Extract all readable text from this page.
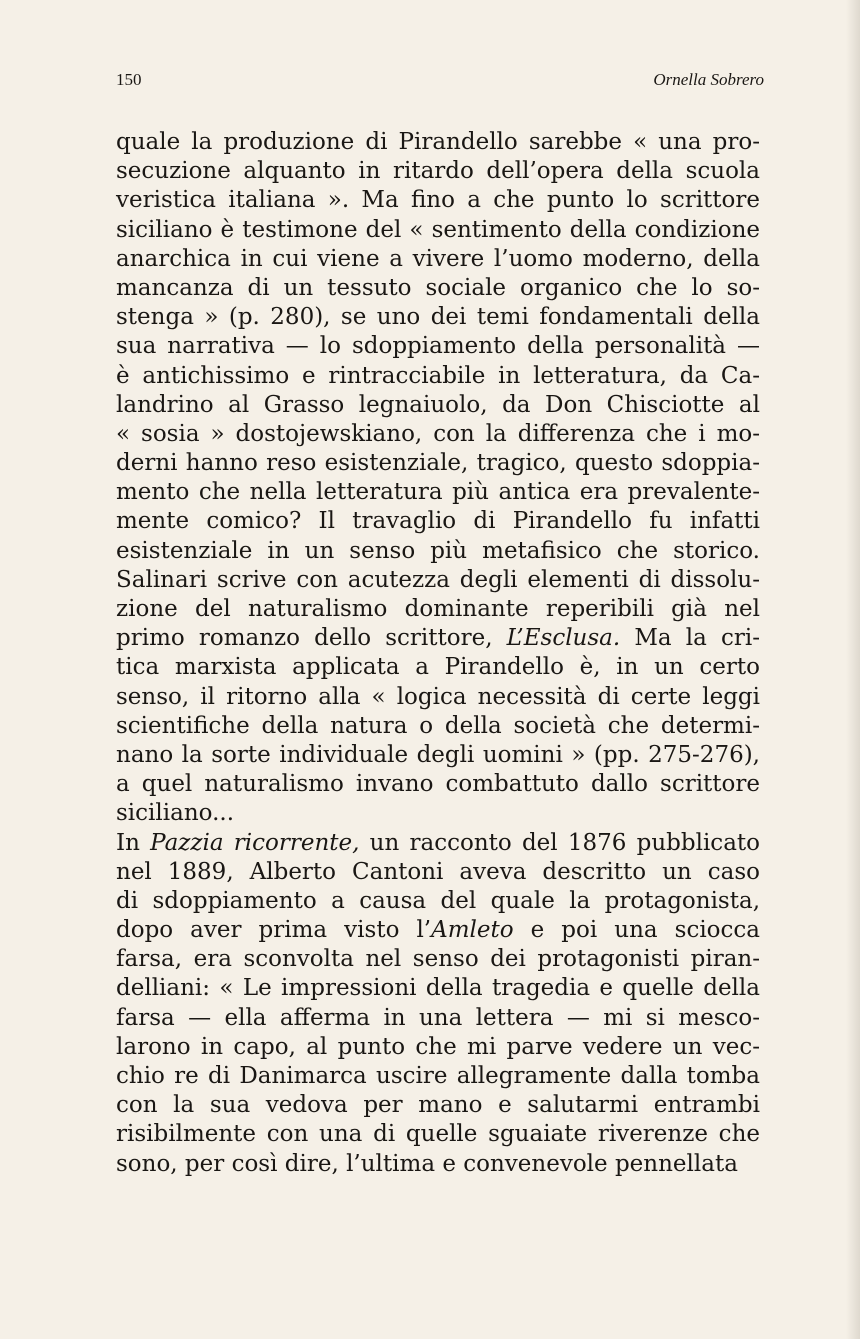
150	Ornella Sobrero
quale la produzione di Pirandello sarebbe « una pro-
secuzione alquanto in ritardo dell’opera della scuola
veristica italiana ». Ma fino a che punto lo scrittore
siciliano è testimone del « sentimento della condizione
anarchica in cui viene a vivere l’uomo moderno, della
mancanza di un tessuto sociale organico che lo so-
stenga » (p. 280), se uno dei temi fondamentali della
sua narrativa — lo sdoppiamento della personalità —
è antichissimo e rintracciabile in letteratura, da Ca-
landrino al Grasso legnaiuolo, da Don Chisciotte al
« sosia » dostojewskiano, con la differenza che i mo-
derni hanno reso esistenziale, tragico, questo sdoppia-
mento che nella letteratura più antica era prevalente-
mente comico? Il travaglio di Pirandello fu infatti
esistenziale in un senso più metafisico che storico.
Salinari scrive con acutezza degli elementi di dissolu-
zione del naturalismo dominante reperibili già nel
primo romanzo dello scrittore, L’Esclusa. Ma la cri-
tica marxista applicata a Pirandello è, in un certo
senso, il ritorno alla « logica necessità di certe leggi
scientifiche della natura o della società che determi-
nano la sorte individuale degli uomini » (pp. 275-276),
a quel naturalismo invano combattuto dallo scrittore
siciliano...
In Pazzia ricorrente, un racconto del 1876 pubblicato
nel 1889, Alberto Cantoni aveva descritto un caso
di sdoppiamento a causa del quale la protagonista,
dopo aver prima visto l’Amleto e poi una sciocca
farsa, era sconvolta nel senso dei protagonisti piran-
delliani: « Le impressioni della tragedia e quelle della
farsa — ella afferma in una lettera — mi si mesco-
larono in capo, al punto che mi parve vedere un vec-
chio re di Danimarca uscire allegramente dalla tomba
con la sua vedova per mano e salutarmi entrambi
risibilmente con una di quelle sguaiate riverenze che
sono, per così dire, l’ultima e convenevole pennellata
